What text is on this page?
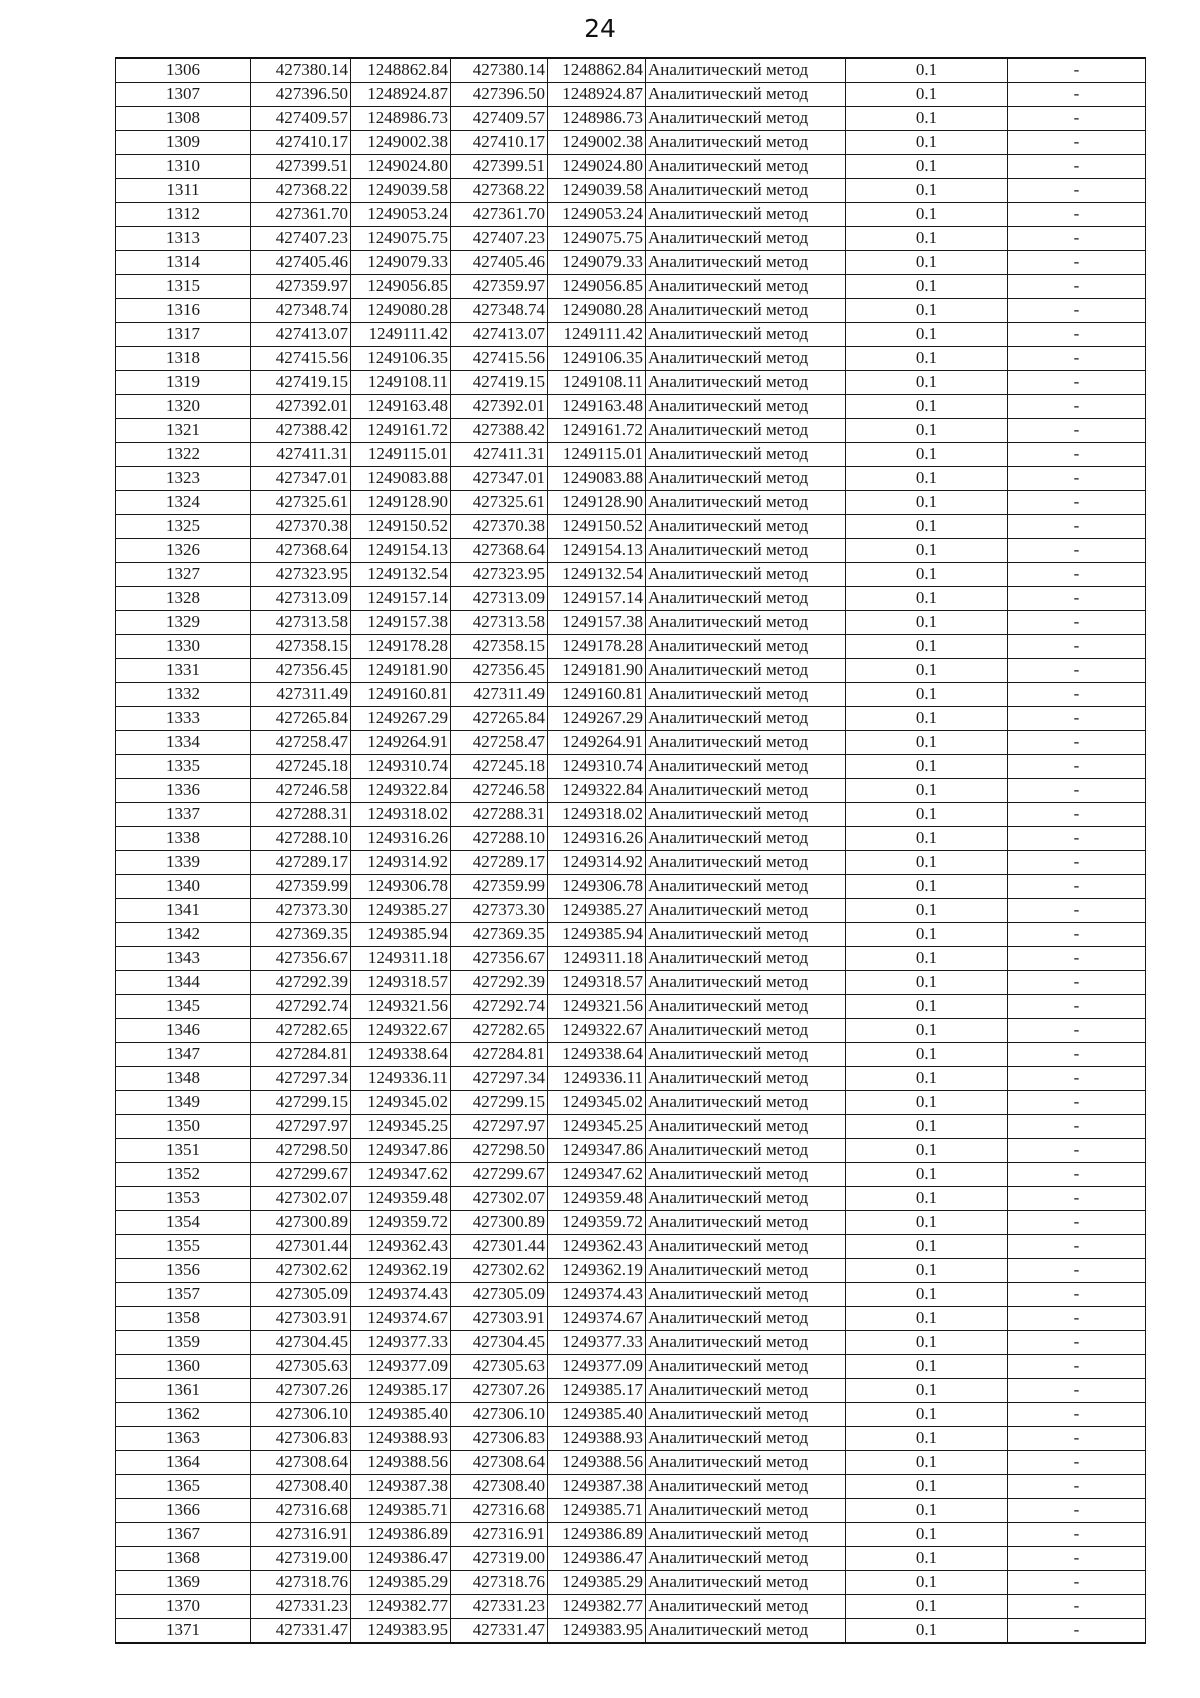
24
1306	427380.14	1248862.84	427380.14	1248862.84	Аналитический метод	0.1	-
1307	427396.50	1248924.87	427396.50	1248924.87	Аналитический метод	0.1	-
1308	427409.57	1248986.73	427409.57	1248986.73	Аналитический метод	0.1	-
1309	427410.17	1249002.38	427410.17	1249002.38	Аналитический метод	0.1	-
1310	427399.51	1249024.80	427399.51	1249024.80	Аналитический метод	0.1	-
1311	427368.22	1249039.58	427368.22	1249039.58	Аналитический метод	0.1	-
1312	427361.70	1249053.24	427361.70	1249053.24	Аналитический метод	0.1	-
1313	427407.23	1249075.75	427407.23	1249075.75	Аналитический метод	0.1	-
1314	427405.46	1249079.33	427405.46	1249079.33	Аналитический метод	0.1	-
1315	427359.97	1249056.85	427359.97	1249056.85	Аналитический метод	0.1	-
1316	427348.74	1249080.28	427348.74	1249080.28	Аналитический метод	0.1	-
1317	427413.07	1249111.42	427413.07	1249111.42	Аналитический метод	0.1	-
1318	427415.56	1249106.35	427415.56	1249106.35	Аналитический метод	0.1	-
1319	427419.15	1249108.11	427419.15	1249108.11	Аналитический метод	0.1	-
1320	427392.01	1249163.48	427392.01	1249163.48	Аналитический метод	0.1	-
1321	427388.42	1249161.72	427388.42	1249161.72	Аналитический метод	0.1	-
1322	427411.31	1249115.01	427411.31	1249115.01	Аналитический метод	0.1	-
1323	427347.01	1249083.88	427347.01	1249083.88	Аналитический метод	0.1	-
1324	427325.61	1249128.90	427325.61	1249128.90	Аналитический метод	0.1	-
1325	427370.38	1249150.52	427370.38	1249150.52	Аналитический метод	0.1	-
1326	427368.64	1249154.13	427368.64	1249154.13	Аналитический метод	0.1	-
1327	427323.95	1249132.54	427323.95	1249132.54	Аналитический метод	0.1	-
1328	427313.09	1249157.14	427313.09	1249157.14	Аналитический метод	0.1	-
1329	427313.58	1249157.38	427313.58	1249157.38	Аналитический метод	0.1	-
1330	427358.15	1249178.28	427358.15	1249178.28	Аналитический метод	0.1	-
1331	427356.45	1249181.90	427356.45	1249181.90	Аналитический метод	0.1	-
1332	427311.49	1249160.81	427311.49	1249160.81	Аналитический метод	0.1	-
1333	427265.84	1249267.29	427265.84	1249267.29	Аналитический метод	0.1	-
1334	427258.47	1249264.91	427258.47	1249264.91	Аналитический метод	0.1	-
1335	427245.18	1249310.74	427245.18	1249310.74	Аналитический метод	0.1	-
1336	427246.58	1249322.84	427246.58	1249322.84	Аналитический метод	0.1	-
1337	427288.31	1249318.02	427288.31	1249318.02	Аналитический метод	0.1	-
1338	427288.10	1249316.26	427288.10	1249316.26	Аналитический метод	0.1	-
1339	427289.17	1249314.92	427289.17	1249314.92	Аналитический метод	0.1	-
1340	427359.99	1249306.78	427359.99	1249306.78	Аналитический метод	0.1	-
1341	427373.30	1249385.27	427373.30	1249385.27	Аналитический метод	0.1	-
1342	427369.35	1249385.94	427369.35	1249385.94	Аналитический метод	0.1	-
1343	427356.67	1249311.18	427356.67	1249311.18	Аналитический метод	0.1	-
1344	427292.39	1249318.57	427292.39	1249318.57	Аналитический метод	0.1	-
1345	427292.74	1249321.56	427292.74	1249321.56	Аналитический метод	0.1	-
1346	427282.65	1249322.67	427282.65	1249322.67	Аналитический метод	0.1	-
1347	427284.81	1249338.64	427284.81	1249338.64	Аналитический метод	0.1	-
1348	427297.34	1249336.11	427297.34	1249336.11	Аналитический метод	0.1	-
1349	427299.15	1249345.02	427299.15	1249345.02	Аналитический метод	0.1	-
1350	427297.97	1249345.25	427297.97	1249345.25	Аналитический метод	0.1	-
1351	427298.50	1249347.86	427298.50	1249347.86	Аналитический метод	0.1	-
1352	427299.67	1249347.62	427299.67	1249347.62	Аналитический метод	0.1	-
1353	427302.07	1249359.48	427302.07	1249359.48	Аналитический метод	0.1	-
1354	427300.89	1249359.72	427300.89	1249359.72	Аналитический метод	0.1	-
1355	427301.44	1249362.43	427301.44	1249362.43	Аналитический метод	0.1	-
1356	427302.62	1249362.19	427302.62	1249362.19	Аналитический метод	0.1	-
1357	427305.09	1249374.43	427305.09	1249374.43	Аналитический метод	0.1	-
1358	427303.91	1249374.67	427303.91	1249374.67	Аналитический метод	0.1	-
1359	427304.45	1249377.33	427304.45	1249377.33	Аналитический метод	0.1	-
1360	427305.63	1249377.09	427305.63	1249377.09	Аналитический метод	0.1	-
1361	427307.26	1249385.17	427307.26	1249385.17	Аналитический метод	0.1	-
1362	427306.10	1249385.40	427306.10	1249385.40	Аналитический метод	0.1	-
1363	427306.83	1249388.93	427306.83	1249388.93	Аналитический метод	0.1	-
1364	427308.64	1249388.56	427308.64	1249388.56	Аналитический метод	0.1	-
1365	427308.40	1249387.38	427308.40	1249387.38	Аналитический метод	0.1	-
1366	427316.68	1249385.71	427316.68	1249385.71	Аналитический метод	0.1	-
1367	427316.91	1249386.89	427316.91	1249386.89	Аналитический метод	0.1	-
1368	427319.00	1249386.47	427319.00	1249386.47	Аналитический метод	0.1	-
1369	427318.76	1249385.29	427318.76	1249385.29	Аналитический метод	0.1	-
1370	427331.23	1249382.77	427331.23	1249382.77	Аналитический метод	0.1	-
1371	427331.47	1249383.95	427331.47	1249383.95	Аналитический метод	0.1	-
